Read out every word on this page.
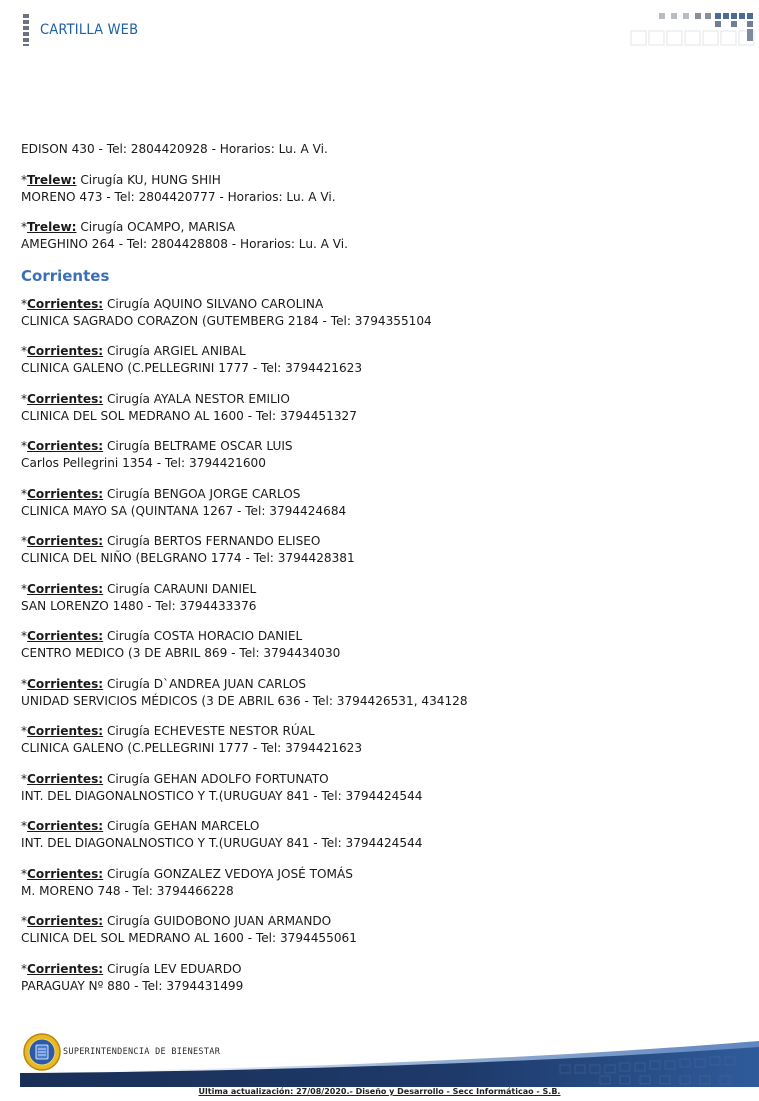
CARTILLA WEB
EDISON 430 - Tel: 2804420928 - Horarios: Lu. A Vi.
*Trelew: Cirugía KU, HUNG SHIH
MORENO 473 - Tel: 2804420777 - Horarios: Lu. A Vi.
*Trelew: Cirugía OCAMPO, MARISA
AMEGHINO 264 - Tel: 2804428808 - Horarios: Lu. A Vi.
Corrientes
*Corrientes: Cirugía AQUINO SILVANO CAROLINA
CLINICA SAGRADO CORAZON (GUTEMBERG 2184 - Tel: 3794355104
*Corrientes: Cirugía ARGIEL ANIBAL
CLINICA GALENO (C.PELLEGRINI 1777 - Tel: 3794421623
*Corrientes: Cirugía AYALA NESTOR EMILIO
CLINICA DEL SOL MEDRANO AL 1600 - Tel: 3794451327
*Corrientes: Cirugía BELTRAME OSCAR LUIS
Carlos Pellegrini 1354 - Tel: 3794421600
*Corrientes: Cirugía BENGOA JORGE CARLOS
CLINICA MAYO SA (QUINTANA 1267 - Tel: 3794424684
*Corrientes: Cirugía BERTOS FERNANDO ELISEO
CLINICA DEL NIÑO (BELGRANO 1774 - Tel: 3794428381
*Corrientes: Cirugía CARAUNI DANIEL
SAN LORENZO 1480 - Tel: 3794433376
*Corrientes: Cirugía COSTA HORACIO DANIEL
CENTRO MEDICO (3 DE ABRIL 869 - Tel: 3794434030
*Corrientes: Cirugía D`ANDREA JUAN CARLOS
UNIDAD SERVICIOS MÉDICOS (3 DE ABRIL 636 - Tel: 3794426531, 434128
*Corrientes: Cirugía ECHEVESTE NESTOR RÚAL
CLINICA GALENO (C.PELLEGRINI 1777 - Tel: 3794421623
*Corrientes: Cirugía GEHAN ADOLFO FORTUNATO
INT. DEL DIAGONALNOSTICO Y T.(URUGUAY 841 - Tel: 3794424544
*Corrientes: Cirugía GEHAN MARCELO
INT. DEL DIAGONALNOSTICO Y T.(URUGUAY 841 - Tel: 3794424544
*Corrientes: Cirugía GONZALEZ VEDOYA JOSÉ TOMÁS
M. MORENO 748 - Tel: 3794466228
*Corrientes: Cirugía GUIDOBONO JUAN ARMANDO
CLINICA DEL SOL MEDRANO AL 1600 - Tel: 3794455061
*Corrientes: Cirugía LEV EDUARDO
PARAGUAY Nº 880 - Tel: 3794431499
SUPERINTENDENCIA DE BIENESTAR
Ultima actualización: 27/08/2020.- Diseño y Desarrollo - Secc Informáticao - S.B.
